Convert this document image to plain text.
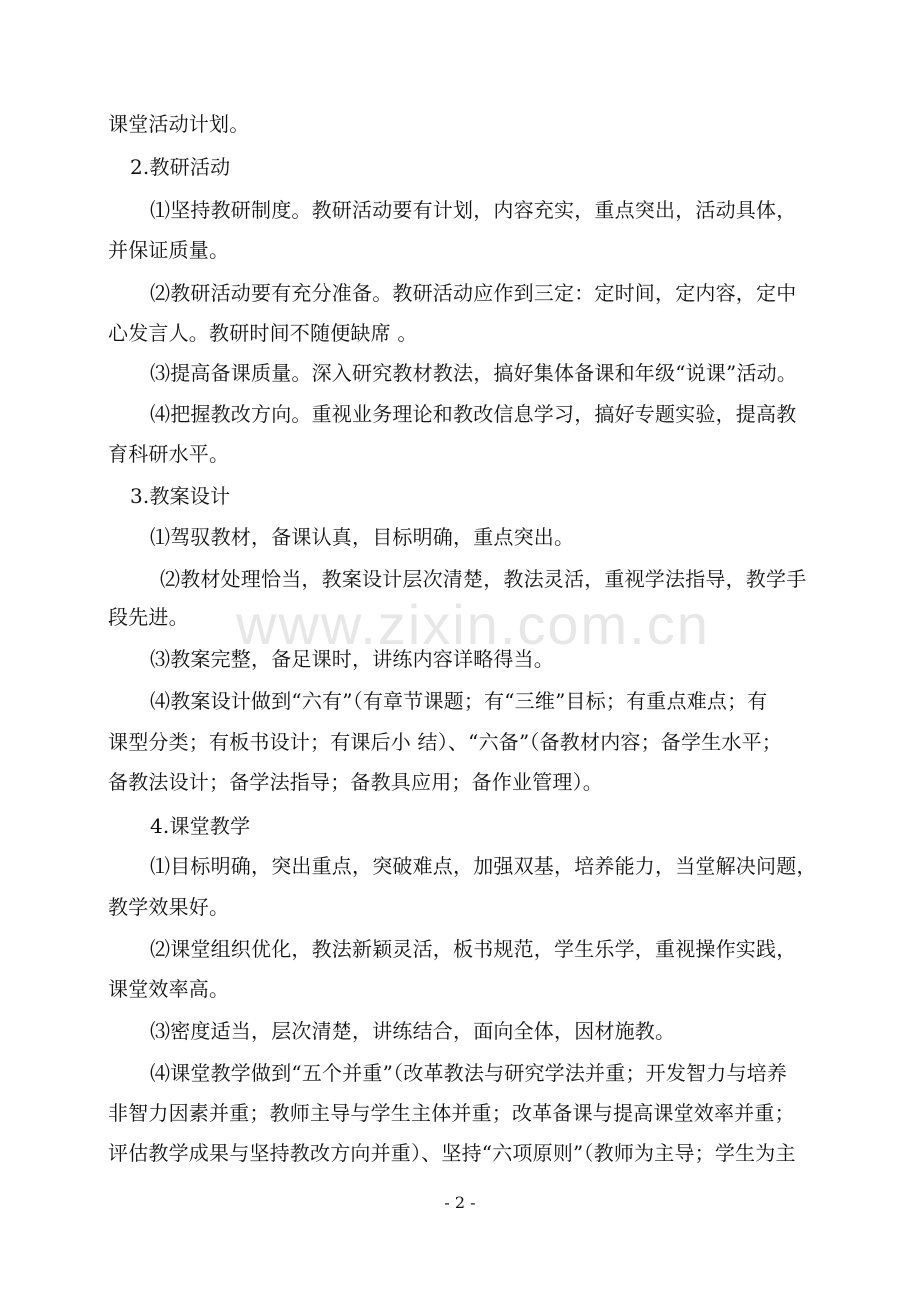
www.zixin.com.cn
课堂活动计划。
2.教研活动
⑴坚持教研制度。教研活动要有计划，内容充实，重点突出，活动具体，
并保证质量。
⑵教研活动要有充分准备。教研活动应作到三定：定时间，定内容，定中
心发言人。教研时间不随便缺席 。
⑶提高备课质量。深入研究教材教法，搞好集体备课和年级“说课”活动。
⑷把握教改方向。重视业务理论和教改信息学习，搞好专题实验，提高教
育科研水平。
3.教案设计
⑴驾驭教材，备课认真，目标明确，重点突出。
⑵教材处理恰当，教案设计层次清楚，教法灵活，重视学法指导，教学手
段先进。
⑶教案完整，备足课时，讲练内容详略得当。
⑷教案设计做到“六有”（有章节课题；有“三维”目标；有重点难点；有
课型分类；有板书设计；有课后小 结）、“六备”（备教材内容；备学生水平；
备教法设计；备学法指导；备教具应用；备作业管理）。
4.课堂教学
⑴目标明确，突出重点，突破难点，加强双基，培养能力，当堂解决问题，
教学效果好。
⑵课堂组织优化，教法新颖灵活，板书规范，学生乐学，重视操作实践，
课堂效率高。
⑶密度适当，层次清楚，讲练结合，面向全体，因材施教。
⑷课堂教学做到“五个并重”（改革教法与研究学法并重；开发智力与培养
非智力因素并重；教师主导与学生主体并重；改革备课与提高课堂效率并重；
评估教学成果与坚持教改方向并重）、坚持“六项原则”（教师为主导；学生为主
- 2 -
